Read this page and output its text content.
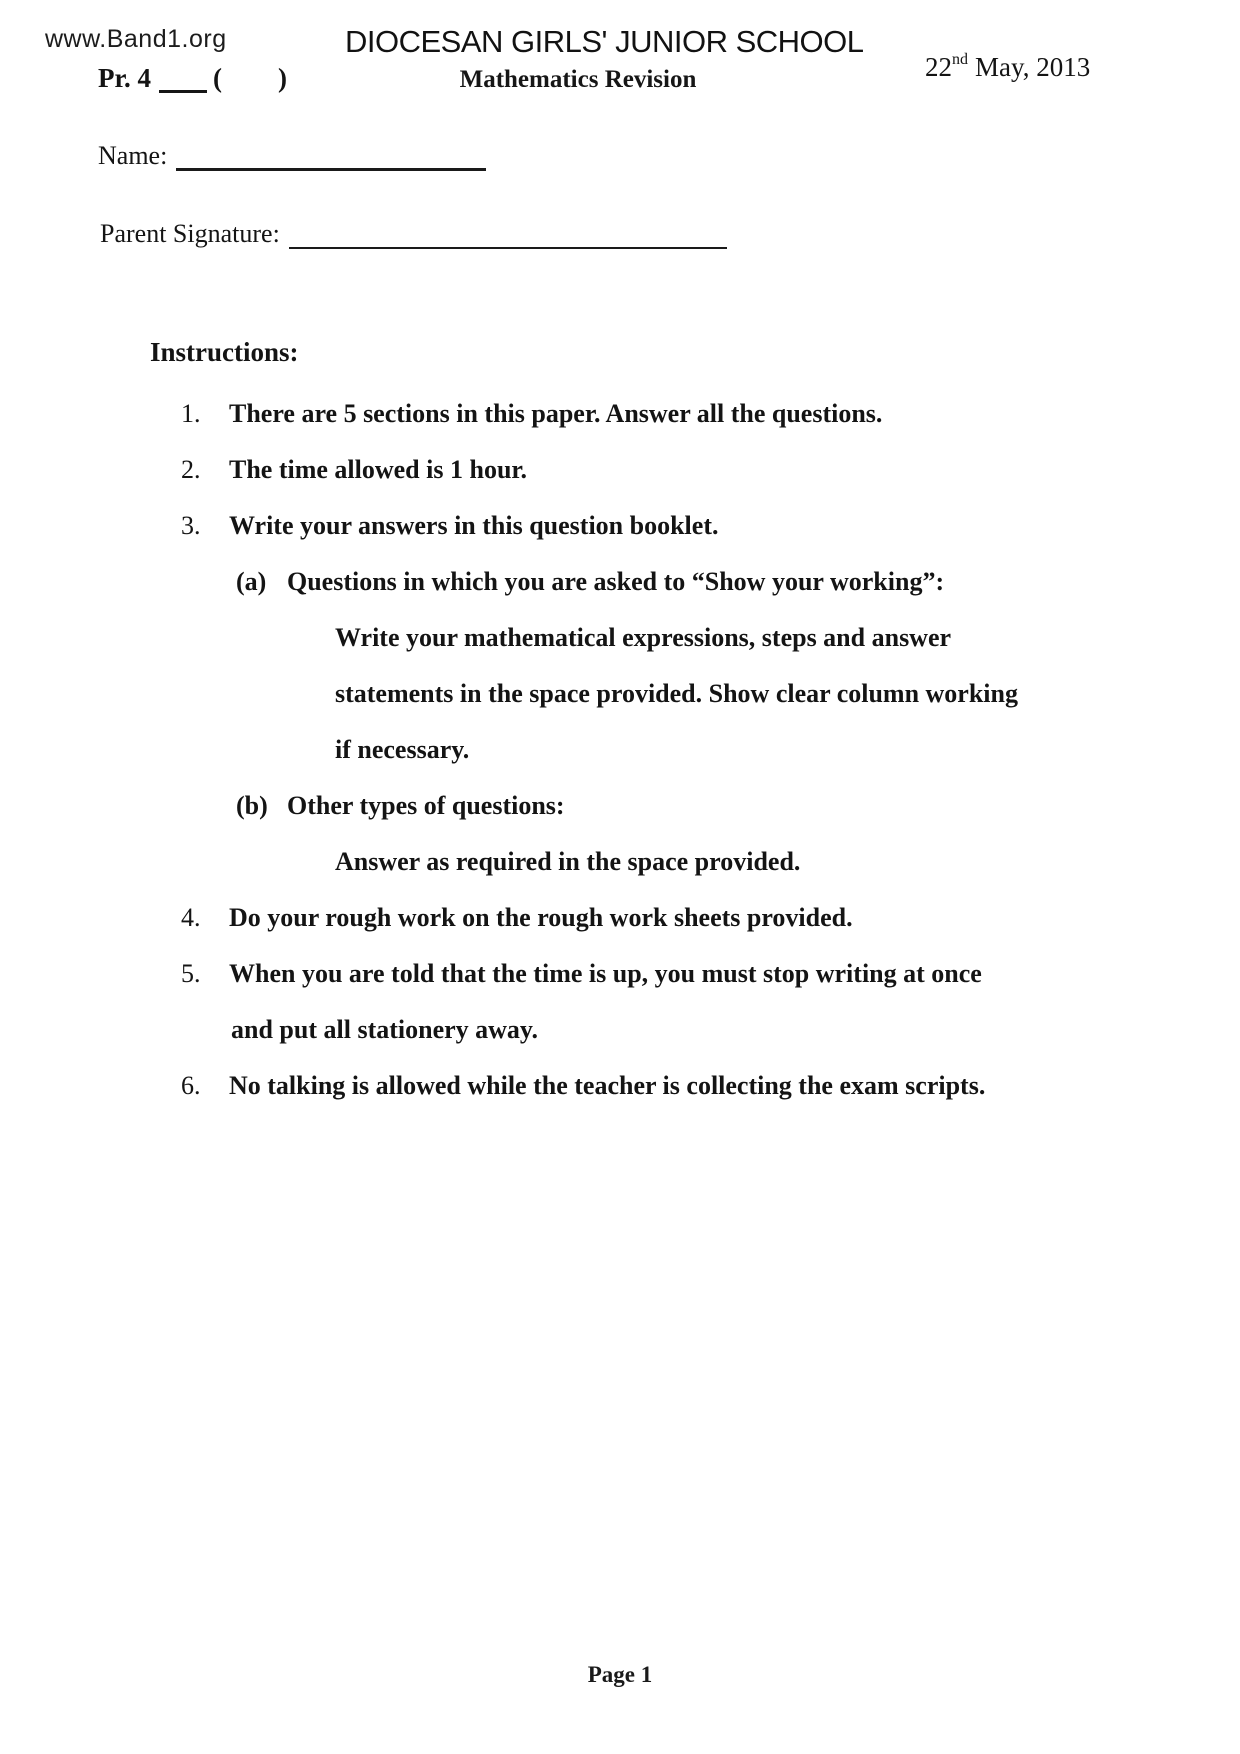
www.Band1.org
Pr. 4 ( )
DIOCESAN GIRLS' JUNIOR SCHOOL
Mathematics Revision	22nd May, 2013
Name:
Parent Signature:
Instructions:
1. There are 5 sections in this paper. Answer all the questions.
2. The time allowed is 1 hour.
3. Write your answers in this question booklet.
(a) Questions in which you are asked to “Show your working”:
Write your mathematical expressions, steps and answer
statements in the space provided. Show clear column working
if necessary.
(b) Other types of questions:
Answer as required in the space provided.
4. Do your rough work on the rough work sheets provided.
5. When you are told that the time is up, you must stop writing at once
and put all stationery away.
6. No talking is allowed while the teacher is collecting the exam scripts.
Page 1
